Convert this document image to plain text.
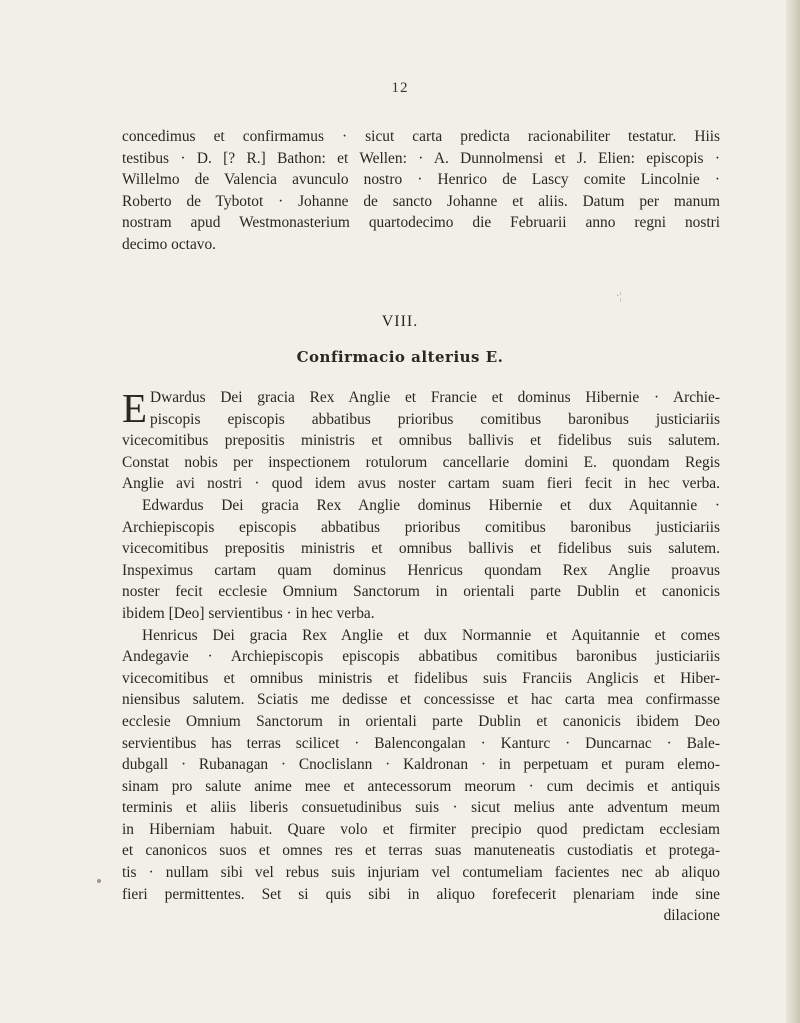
12
concedimus et confirmamus · sicut carta predicta racionabiliter testatur. Hiis
testibus · D. [? R.] Bathon: et Wellen: · A. Dunnolmensi et J. Elien: episcopis ·
Willelmo de Valencia avunculo nostro · Henrico de Lascy comite Lincolnie ·
Roberto de Tybotot · Johanne de sancto Johanne et aliis. Datum per manum
nostram apud Westmonasterium quartodecimo die Februarii anno regni nostri
decimo octavo.
·¦
VIII.
Confirmacio alterius E.
E Dwardus Dei gracia Rex Anglie et Francie et dominus Hibernie · Archie-
piscopis episcopis abbatibus prioribus comitibus baronibus justiciariis
vicecomitibus prepositis ministris et omnibus ballivis et fidelibus suis salutem.
Constat nobis per inspectionem rotulorum cancellarie domini E. quondam Regis
Anglie avi nostri · quod idem avus noster cartam suam fieri fecit in hec verba.
Edwardus Dei gracia Rex Anglie dominus Hibernie et dux Aquitannie ·
Archiepiscopis episcopis abbatibus prioribus comitibus baronibus justiciariis
vicecomitibus prepositis ministris et omnibus ballivis et fidelibus suis salutem.
Inspeximus cartam quam dominus Henricus quondam Rex Anglie proavus
noster fecit ecclesie Omnium Sanctorum in orientali parte Dublin et canonicis
ibidem [Deo] servientibus · in hec verba.
Henricus Dei gracia Rex Anglie et dux Normannie et Aquitannie et comes
Andegavie · Archiepiscopis episcopis abbatibus comitibus baronibus justiciariis
vicecomitibus et omnibus ministris et fidelibus suis Franciis Anglicis et Hiber-
niensibus salutem. Sciatis me dedisse et concessisse et hac carta mea confirmasse
ecclesie Omnium Sanctorum in orientali parte Dublin et canonicis ibidem Deo
servientibus has terras scilicet · Balencongalan · Kanturc · Duncarnac · Bale-
dubgall · Rubanagan · Cnoclislann · Kaldronan · in perpetuam et puram elemo-
sinam pro salute anime mee et antecessorum meorum · cum decimis et antiquis
terminis et aliis liberis consuetudinibus suis · sicut melius ante adventum meum
in Hiberniam habuit. Quare volo et firmiter precipio quod predictam ecclesiam
et canonicos suos et omnes res et terras suas manuteneatis custodiatis et protega-
tis · nullam sibi vel rebus suis injuriam vel contumeliam facientes nec ab aliquo
fieri permittentes. Set si quis sibi in aliquo forefecerit plenariam inde sine
dilacione
